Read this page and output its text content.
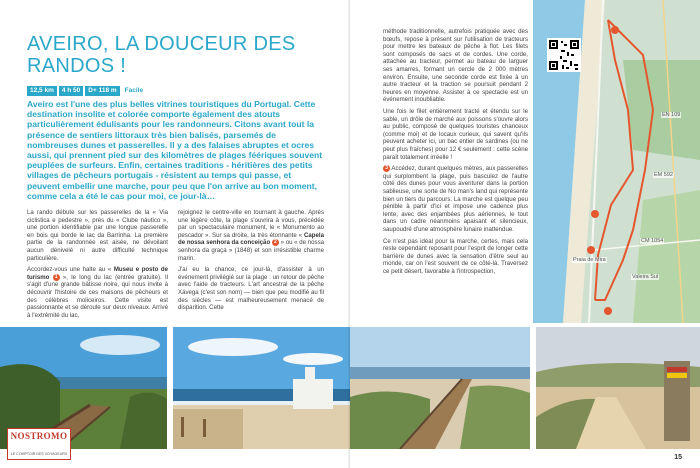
AVEIRO, LA DOUCEUR DES RANDOS !
12,5 km	4 h 50	D+ 118 m	Facile

Aveiro est l'une des plus belles vitrines touristiques du Portugal. Cette destination insolite et colorée comporte également des atouts particulièrement édulisants pour les randonneurs. Citons avant tout la présence de sentiers littoraux très bien balisés, parsemés de nombreuses dunes et passerelles. Il y a des falaises abruptes et ocres aussi, qui prennent pied sur des kilomètres de plages féériques souvent peuplées de surfeurs. Enfin, certaines traditions - héritières des petits villages de pêcheurs portugais - résistent au temps qui passe, et peuvent embellir une marche, pour peu que l'on arrive au bon moment, comme cela a été le cas pour moi, ce jour-là…

La rando débute sur les passerelles de la « Via ciclistica e pedestre », près du « Clube náutico », une portion identifiable par une longue passerelle en bois qui borde le lac da Barrinha. La première partie de la randonnée est aisée, ne dévoilant aucun dénivelé ni autre difficulté technique particulière.

Accordez-vous une halte au « Museu e posto de turismo 1 », le long du lac (entrée gratuite). Il s'agit d'une grande bâtisse noire, qui nous invite à découvrir l'histoire de ces maisons de pêcheurs et des célèbres moliceiros. Cette visite est passionnante et se déroule sur deux niveaux. Arrivé à l'extrémité du lac,

rejoignez le centre-ville en tournant à gauche. Après une légère côte, la plage s'ouvrira à vous, précédée par un spectaculaire monument, le « Monumento ao pescador ». Sur sa droite, la très étonnante « Capela de nossa senhora da conceição 2 » ou « de nossa senhora da graça » (1848) et son irrésistible charme marin.

J'ai eu la chance, ce jour-là, d'assister à un événement privilégié sur la plage : un retour de pêche avec l'aide de tracteurs. L'art ancestral de la pêche Xávega (c'est son nom) — bien que peu modifié au fil des siècles — est malheureusement menacé de disparition. Cette

méthode traditionnelle, autrefois pratiquée avec des bœufs, repose à présent sur l'utilisation de tracteurs pour mettre les bateaux de pêche à flot. Les filets sont composés de sacs et de cordes. Une corde, attachée au tracteur, permet au bateau de larguer ses amarres, formant un cercle de 2 000 mètres environ. Ensuite, une seconde corde est fixée à un autre tracteur et la traction se poursuit pendant 2 heures en moyenne. Assister à ce spectacle est un événement inoubliable.

Une fois le filet entièrement tracté et étendu sur le sable, un drôle de marché aux poissons s'ouvre alors au public, composé de quelques touristes chanceux (comme moi) et de locaux curieux, qui savent qu'ils peuvent acheter ici, un bac entier de sardines (ou ne peut plus fraîches) pour 12 € seulement : cette scène paraît totalement irréelle !

3 Accédez, durant quelques mètres, aux passerelles qui surplombent la plage, puis basculez de l'autre côté des dunes pour vous aventurer dans la portion sablieuse, une sorte de No man's land qui représente bien un tiers du parcours. La marche est quelque peu pénible à partir d'ici et impose une cadence plus lente, avec des enjambées plus aériennes, le tout dans un cadre néanmoins apaisant et silencieux, saupoudré d'une atmosphère lunaire inattendue.

Ce n'est pas idéal pour la marche, certes, mais cela reste cependant reposant pour l'esprit de longer cette barrière de dunes avec la sensation d'être seul au monde, car on l'est souvent de ce côté-là. Traversez ce petit désert, favorable à l'introspection,

Praia de Mira
EN 109
CM 1054
EM 592
Valeira Sul
15
NOSTROMO
LE COMPTOIR DES VOYAGEURS
